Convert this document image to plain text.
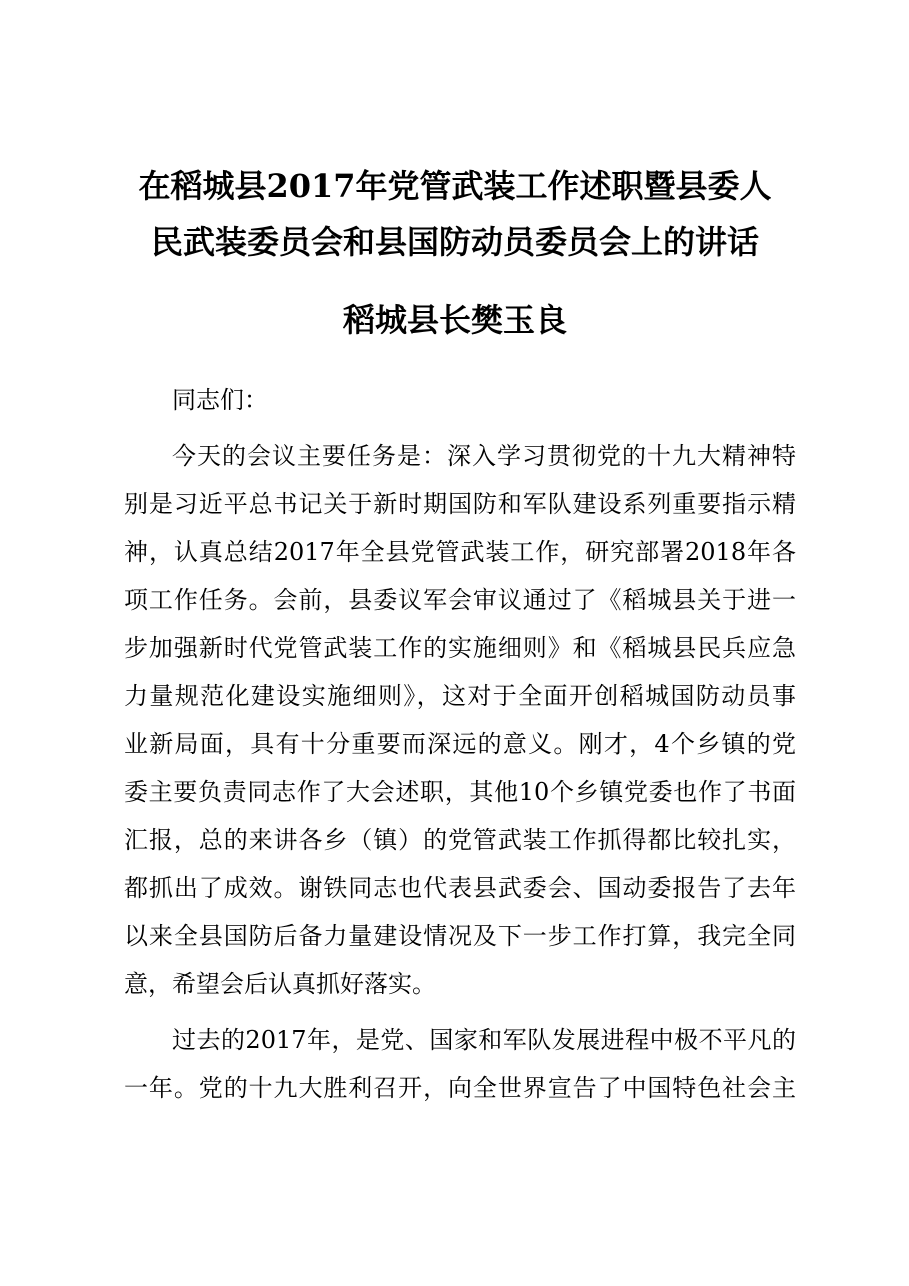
在稻城县2017年党管武装工作述职暨县委人
民武装委员会和县国防动员委员会上的讲话
稻城县长樊玉良
同志们：
今天的会议主要任务是：深入学习贯彻党的十九大精神特
别是习近平总书记关于新时期国防和军队建设系列重要指示精
神，认真总结2017年全县党管武装工作，研究部署2018年各
项工作任务。会前，县委议军会审议通过了《稻城县关于进一
步加强新时代党管武装工作的实施细则》和《稻城县民兵应急
力量规范化建设实施细则》，这对于全面开创稻城国防动员事
业新局面，具有十分重要而深远的意义。刚才，4个乡镇的党
委主要负责同志作了大会述职，其他10个乡镇党委也作了书面
汇报，总的来讲各乡（镇）的党管武装工作抓得都比较扎实，
都抓出了成效。谢铁同志也代表县武委会、国动委报告了去年
以来全县国防后备力量建设情况及下一步工作打算，我完全同
意，希望会后认真抓好落实。
过去的2017年，是党、国家和军队发展进程中极不平凡的
一年。党的十九大胜利召开，向全世界宣告了中国特色社会主
